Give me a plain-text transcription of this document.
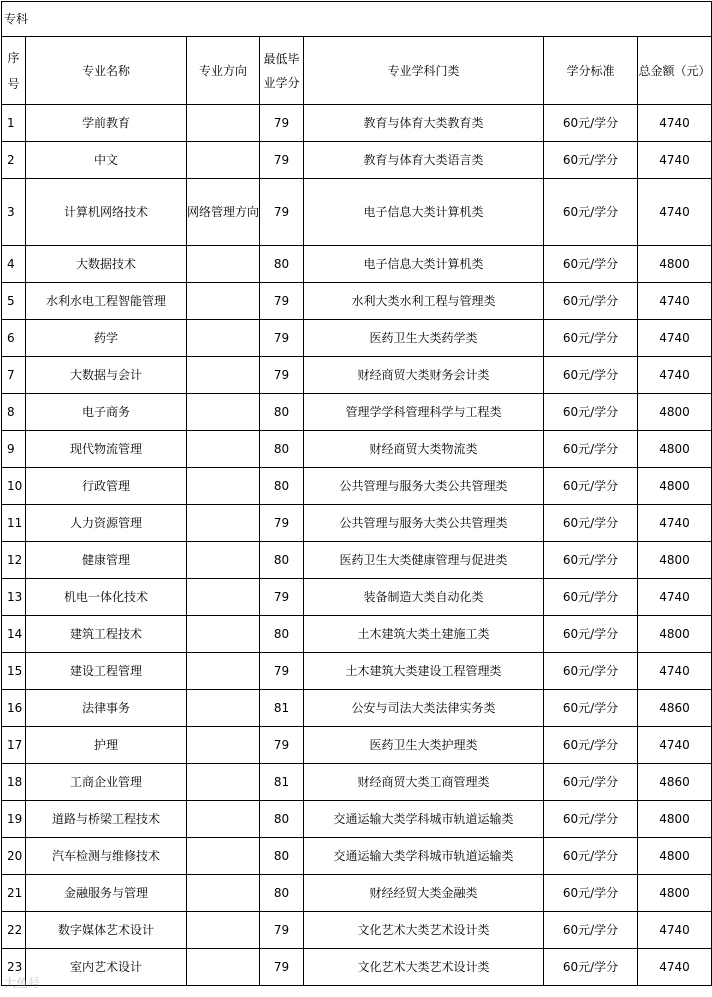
专科						
序号	专业名称	专业方向	最低毕业学分	专业学科门类	学分标准	总金额（元）
1	学前教育		79	教育与体育大类教育类	60元/学分	4740
2	中文		79	教育与体育大类语言类	60元/学分	4740
3	计算机网络技术	网络管理方向	79	电子信息大类计算机类	60元/学分	4740
4	大数据技术		80	电子信息大类计算机类	60元/学分	4800
5	水利水电工程智能管理		79	水利大类水利工程与管理类	60元/学分	4740
6	药学		79	医药卫生大类药学类	60元/学分	4740
7	大数据与会计		79	财经商贸大类财务会计类	60元/学分	4740
8	电子商务		80	管理学学科管理科学与工程类	60元/学分	4800
9	现代物流管理		80	财经商贸大类物流类	60元/学分	4800
10	行政管理		80	公共管理与服务大类公共管理类	60元/学分	4800
11	人力资源管理		79	公共管理与服务大类公共管理类	60元/学分	4740
12	健康管理		80	医药卫生大类健康管理与促进类	60元/学分	4800
13	机电一体化技术		79	装备制造大类自动化类	60元/学分	4740
14	建筑工程技术		80	土木建筑大类土建施工类	60元/学分	4800
15	建设工程管理		79	土木建筑大类建设工程管理类	60元/学分	4740
16	法律事务		81	公安与司法大类法律实务类	60元/学分	4860
17	护理		79	医药卫生大类护理类	60元/学分	4740
18	工商企业管理		81	财经商贸大类工商管理类	60元/学分	4860
19	道路与桥梁工程技术		80	交通运输大类学科城市轨道运输类	60元/学分	4800
20	汽车检测与维修技术		80	交通运输大类学科城市轨道运输类	60元/学分	4800
21	金融服务与管理		80	财经经贸大类金融类	60元/学分	4800
22	数字媒体艺术设计		79	文化艺术大类艺术设计类	60元/学分	4740
23	室内艺术设计		79	文化艺术大类艺术设计类	60元/学分	4740
大鱼号
